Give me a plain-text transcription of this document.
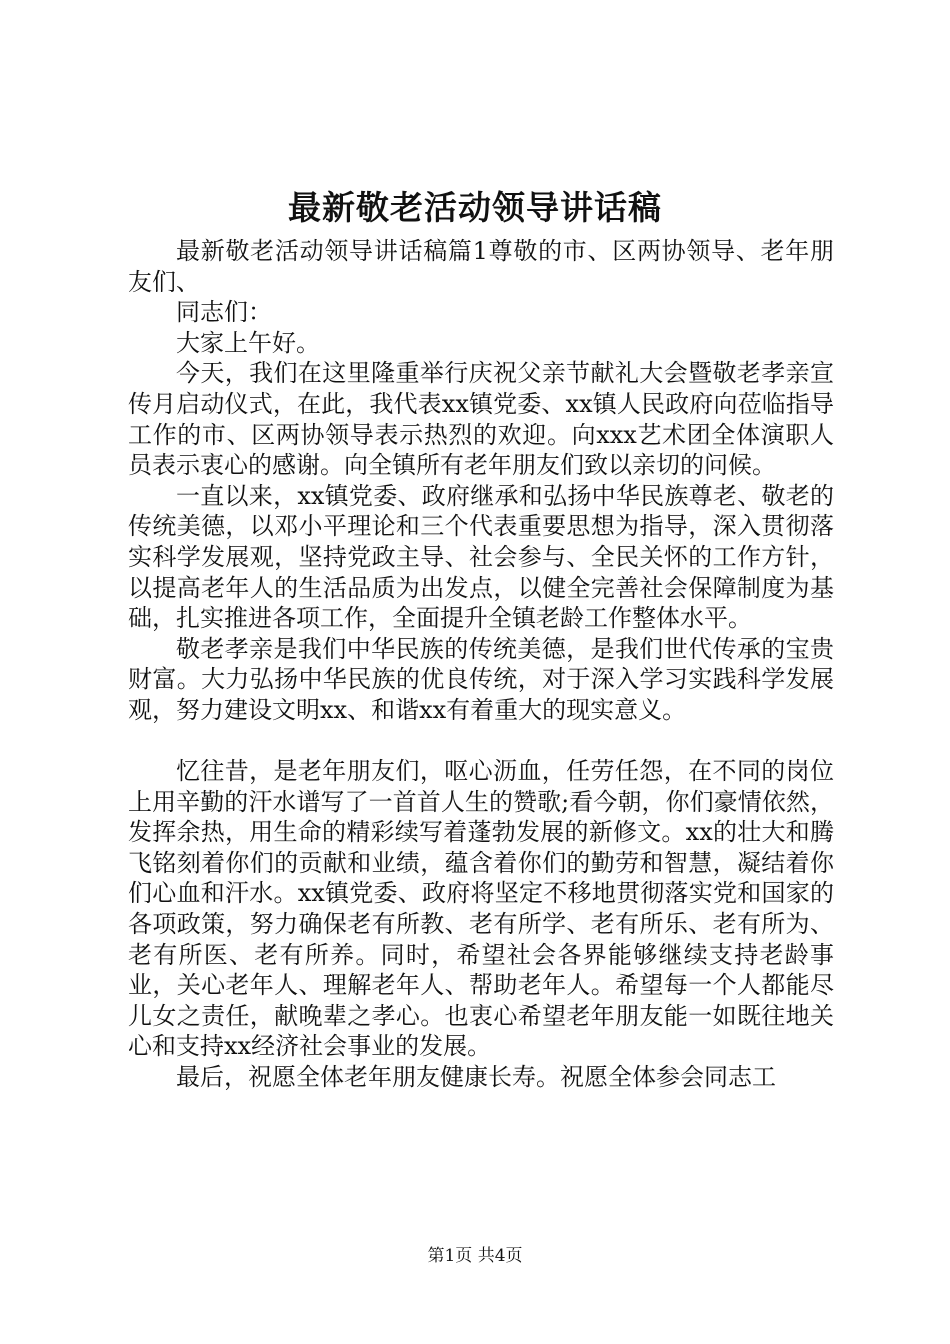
最新敬老活动领导讲话稿

最新敬老活动领导讲话稿篇1尊敬的市、区两协领导、老年朋友们、

同志们：

大家上午好。

今天，我们在这里隆重举行庆祝父亲节献礼大会暨敬老孝亲宣传月启动仪式，在此，我代表xx镇党委、xx镇人民政府向莅临指导工作的市、区两协领导表示热烈的欢迎。向xxx艺术团全体演职人员表示衷心的感谢。向全镇所有老年朋友们致以亲切的问候。

一直以来，xx镇党委、政府继承和弘扬中华民族尊老、敬老的传统美德，以邓小平理论和三个代表重要思想为指导，深入贯彻落实科学发展观，坚持党政主导、社会参与、全民关怀的工作方针，以提高老年人的生活品质为出发点，以健全完善社会保障制度为基础，扎实推进各项工作，全面提升全镇老龄工作整体水平。

敬老孝亲是我们中华民族的传统美德，是我们世代传承的宝贵财富。大力弘扬中华民族的优良传统，对于深入学习实践科学发展观，努力建设文明xx、和谐xx有着重大的现实意义。

忆往昔，是老年朋友们，呕心沥血，任劳任怨，在不同的岗位上用辛勤的汗水谱写了一首首人生的赞歌;看今朝，你们豪情依然，发挥余热，用生命的精彩续写着蓬勃发展的新修文。xx的壮大和腾飞铭刻着你们的贡献和业绩，蕴含着你们的勤劳和智慧，凝结着你们心血和汗水。xx镇党委、政府将坚定不移地贯彻落实党和国家的各项政策，努力确保老有所教、老有所学、老有所乐、老有所为、老有所医、老有所养。同时，希望社会各界能够继续支持老龄事业，关心老年人、理解老年人、帮助老年人。希望每一个人都能尽儿女之责任，献晚辈之孝心。也衷心希望老年朋友能一如既往地关心和支持xx经济社会事业的发展。

最后，祝愿全体老年朋友健康长寿。祝愿全体参会同志工

第1页 共4页
